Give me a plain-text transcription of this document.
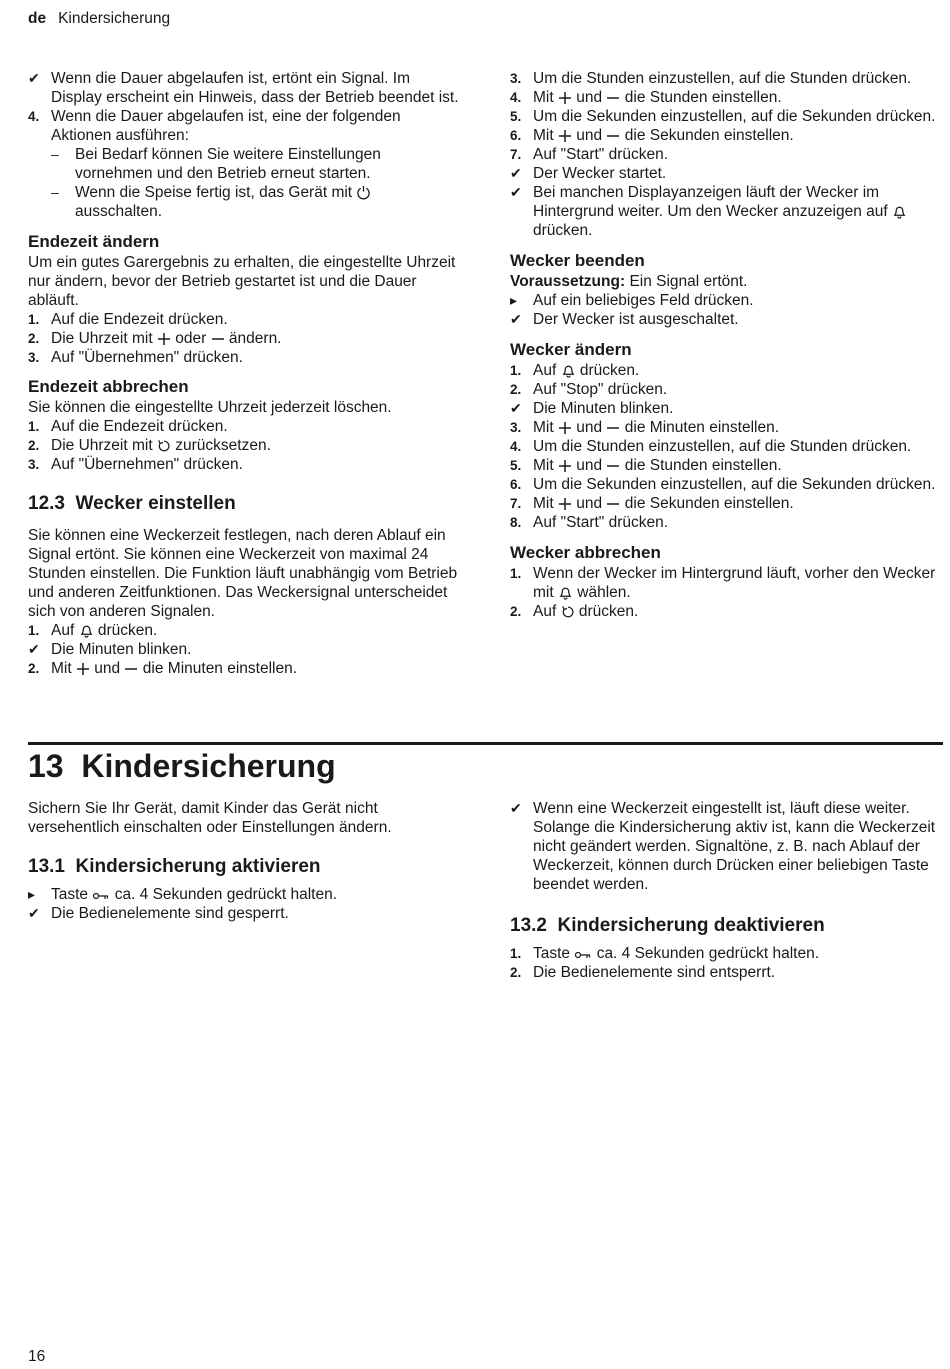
de Kindersicherung
✔ Wenn die Dauer abgelaufen ist, ertönt ein Signal. Im Display erscheint ein Hinweis, dass der Betrieb beendet ist.
4. Wenn die Dauer abgelaufen ist, eine der folgenden Aktionen ausführen:
–	Bei Bedarf können Sie weitere Einstellungen vornehmen und den Betrieb erneut starten.
–	Wenn die Speise fertig ist, das Gerät mit  ausschalten.
Endezeit ändern

Um ein gutes Garergebnis zu erhalten, die eingestellte Uhrzeit nur ändern, bevor der Betrieb gestartet ist und die Dauer abläuft.

1. Auf die Endezeit drücken.
2. Die Uhrzeit mit oder ändern.
3. Auf "Übernehmen" drücken.
Endezeit abbrechen

Sie können die eingestellte Uhrzeit jederzeit löschen.

1. Auf die Endezeit drücken.
2. Die Uhrzeit mit zurücksetzen.
3. Auf "Übernehmen" drücken.
12.3 Wecker einstellen

Sie können eine Weckerzeit festlegen, nach deren Ablauf ein Signal ertönt. Sie können eine Weckerzeit von maximal 24 Stunden einstellen. Die Funktion läuft unabhängig vom Betrieb und anderen Zeitfunktionen. Das Weckersignal unterscheidet sich von anderen Signalen.

1. Auf drücken.
✔ Die Minuten blinken.
2. Mit und die Minuten einstellen.
3. Um die Stunden einzustellen, auf die Stunden drücken.
4. Mit und die Stunden einstellen.
5. Um die Sekunden einzustellen, auf die Sekunden drücken.
6. Mit und die Sekunden einstellen.
7. Auf "Start" drücken.
✔ Der Wecker startet.
✔ Bei manchen Displayanzeigen läuft der Wecker im Hintergrund weiter. Um den Wecker anzuzeigen auf  drücken.
Wecker beenden

Voraussetzung: Ein Signal ertönt.

▸	Auf ein beliebiges Feld drücken.
✔ Der Wecker ist ausgeschaltet.
Wecker ändern
1. Auf drücken.
2. Auf "Stop" drücken.
✔ Die Minuten blinken.
3. Mit und die Minuten einstellen.
4. Um die Stunden einzustellen, auf die Stunden drücken.
5. Mit und die Stunden einstellen.
6. Um die Sekunden einzustellen, auf die Sekunden drücken.
7. Mit und die Sekunden einstellen.
8. Auf "Start" drücken.
Wecker abbrechen
1. Wenn der Wecker im Hintergrund läuft, vorher den Wecker mit wählen.
2. Auf drücken.
13 Kindersicherung

Sichern Sie Ihr Gerät, damit Kinder das Gerät nicht versehentlich einschalten oder Einstellungen ändern.

13.1 Kindersicherung aktivieren
▸	Taste ca. 4 Sekunden gedrückt halten.
✔ Die Bedienelemente sind gesperrt.
✔ Wenn eine Weckerzeit eingestellt ist, läuft diese weiter. Solange die Kindersicherung aktiv ist, kann die Weckerzeit nicht geändert werden. Signaltöne, z. B. nach Ablauf der Weckerzeit, können durch Drücken einer beliebigen Taste beendet werden.
13.2 Kindersicherung deaktivieren
1. Taste ca. 4 Sekunden gedrückt halten.
2. Die Bedienelemente sind entsperrt.
16
